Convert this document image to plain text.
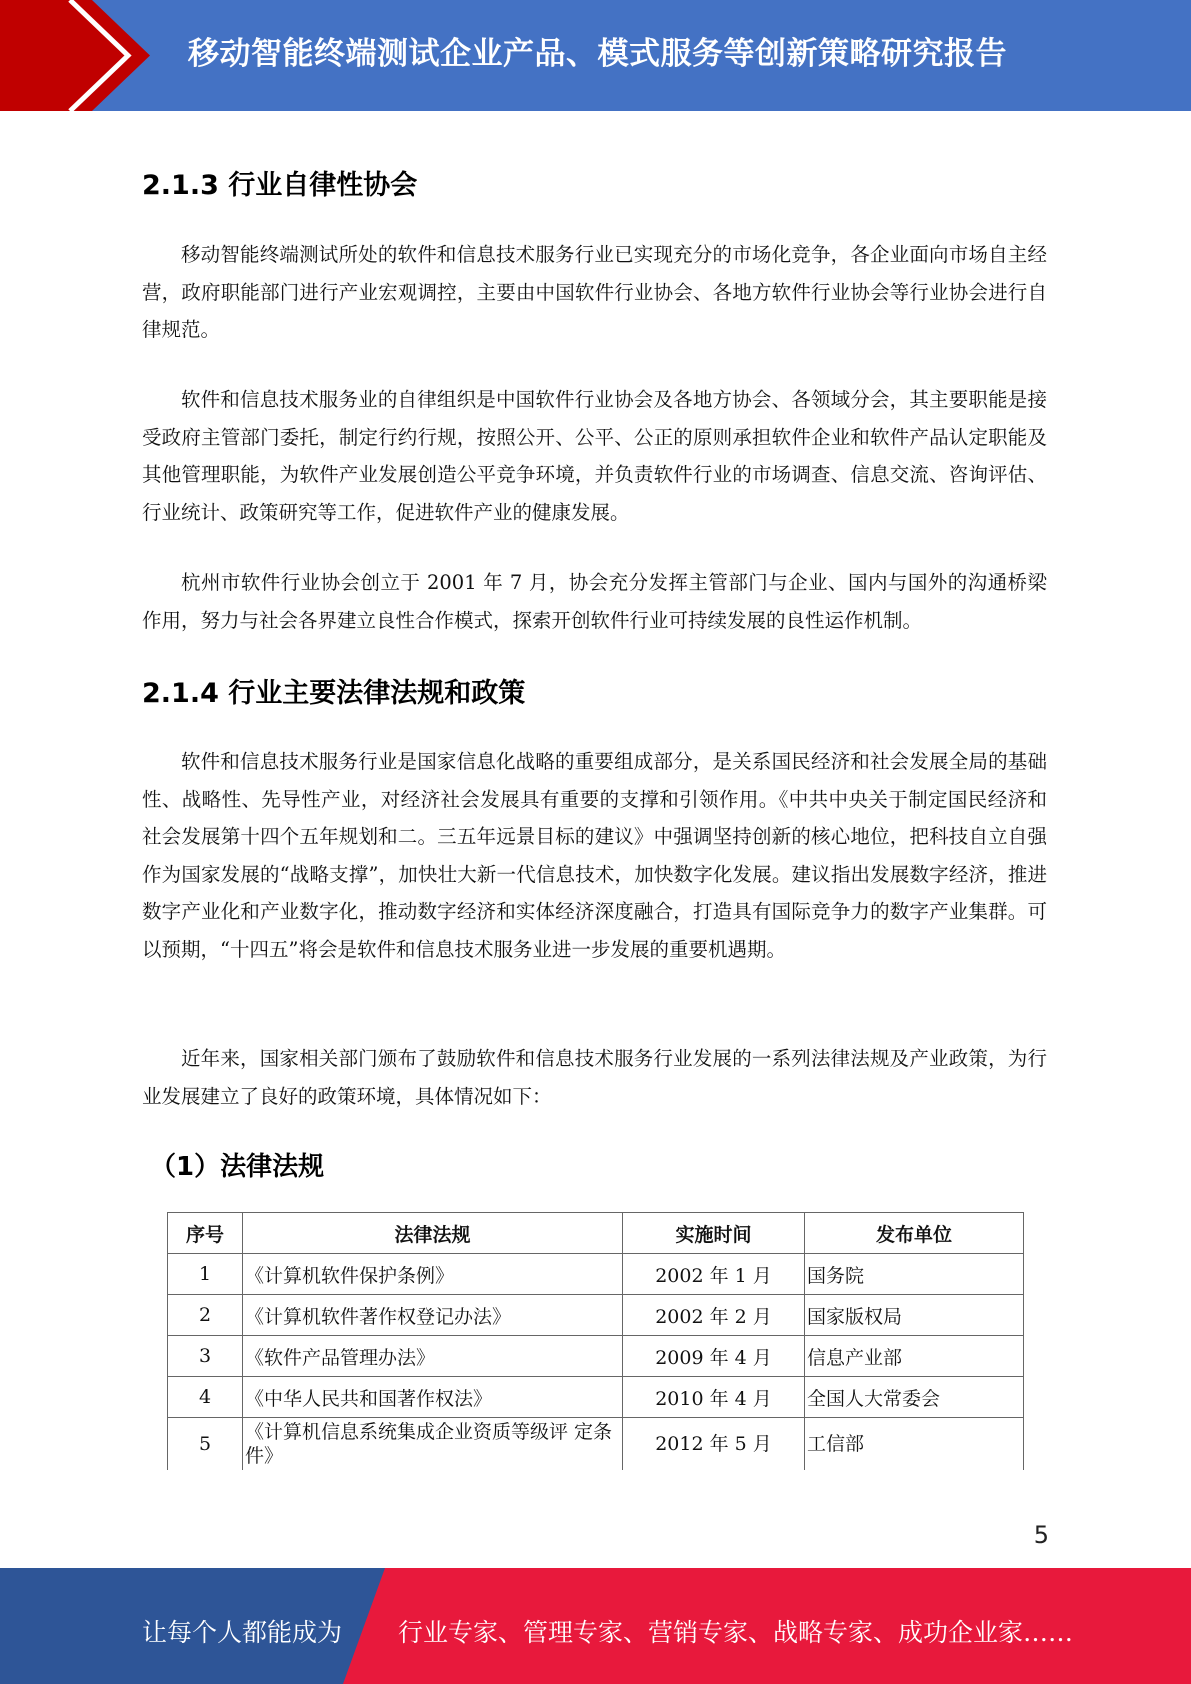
移动智能终端测试企业产品、模式服务等创新策略研究报告
2.1.3 行业自律性协会

移动智能终端测试所处的软件和信息技术服务行业已实现充分的市场化竞争，各企业面向市场自主经营，政府职能部门进行产业宏观调控，主要由中国软件行业协会、各地方软件行业协会等行业协会进行自律规范。

软件和信息技术服务业的自律组织是中国软件行业协会及各地方协会、各领域分会，其主要职能是接受政府主管部门委托，制定行约行规，按照公开、公平、公正的原则承担软件企业和软件产品认定职能及其他管理职能，为软件产业发展创造公平竞争环境，并负责软件行业的市场调查、信息交流、咨询评估、行业统计、政策研究等工作，促进软件产业的健康发展。

杭州市软件行业协会创立于 2001 年 7 月，协会充分发挥主管部门与企业、国内与国外的沟通桥梁作用，努力与社会各界建立良性合作模式，探索开创软件行业可持续发展的良性运作机制。

2.1.4 行业主要法律法规和政策

软件和信息技术服务行业是国家信息化战略的重要组成部分，是关系国民经济和社会发展全局的基础性、战略性、先导性产业，对经济社会发展具有重要的支撑和引领作用。《中共中央关于制定国民经济和社会发展第十四个五年规划和二。三五年远景目标的建议》中强调坚持创新的核心地位，把科技自立自强作为国家发展的“战略支撑”，加快壮大新一代信息技术，加快数字化发展。建议指出发展数字经济，推进数字产业化和产业数字化，推动数字经济和实体经济深度融合，打造具有国际竞争力的数字产业集群。可以预期，“十四五”将会是软件和信息技术服务业进一步发展的重要机遇期。

近年来，国家相关部门颁布了鼓励软件和信息技术服务行业发展的一系列法律法规及产业政策，为行业发展建立了良好的政策环境，具体情况如下：

（1）法律法规
序号	法律法规	实施时间	发布单位
1	《计算机软件保护条例》	2002 年 1 月	国务院
2	《计算机软件著作权登记办法》	2002 年 2 月	国家版权局
3	《软件产品管理办法》	2009 年 4 月	信息产业部
4	《中华人民共和国著作权法》	2010 年 4 月	全国人大常委会
5	《计算机信息系统集成企业资质等级评 定条件》	2012 年 5 月	工信部
5
让每个人都能成为 行业专家、管理专家、营销专家、战略专家、成功企业家……
